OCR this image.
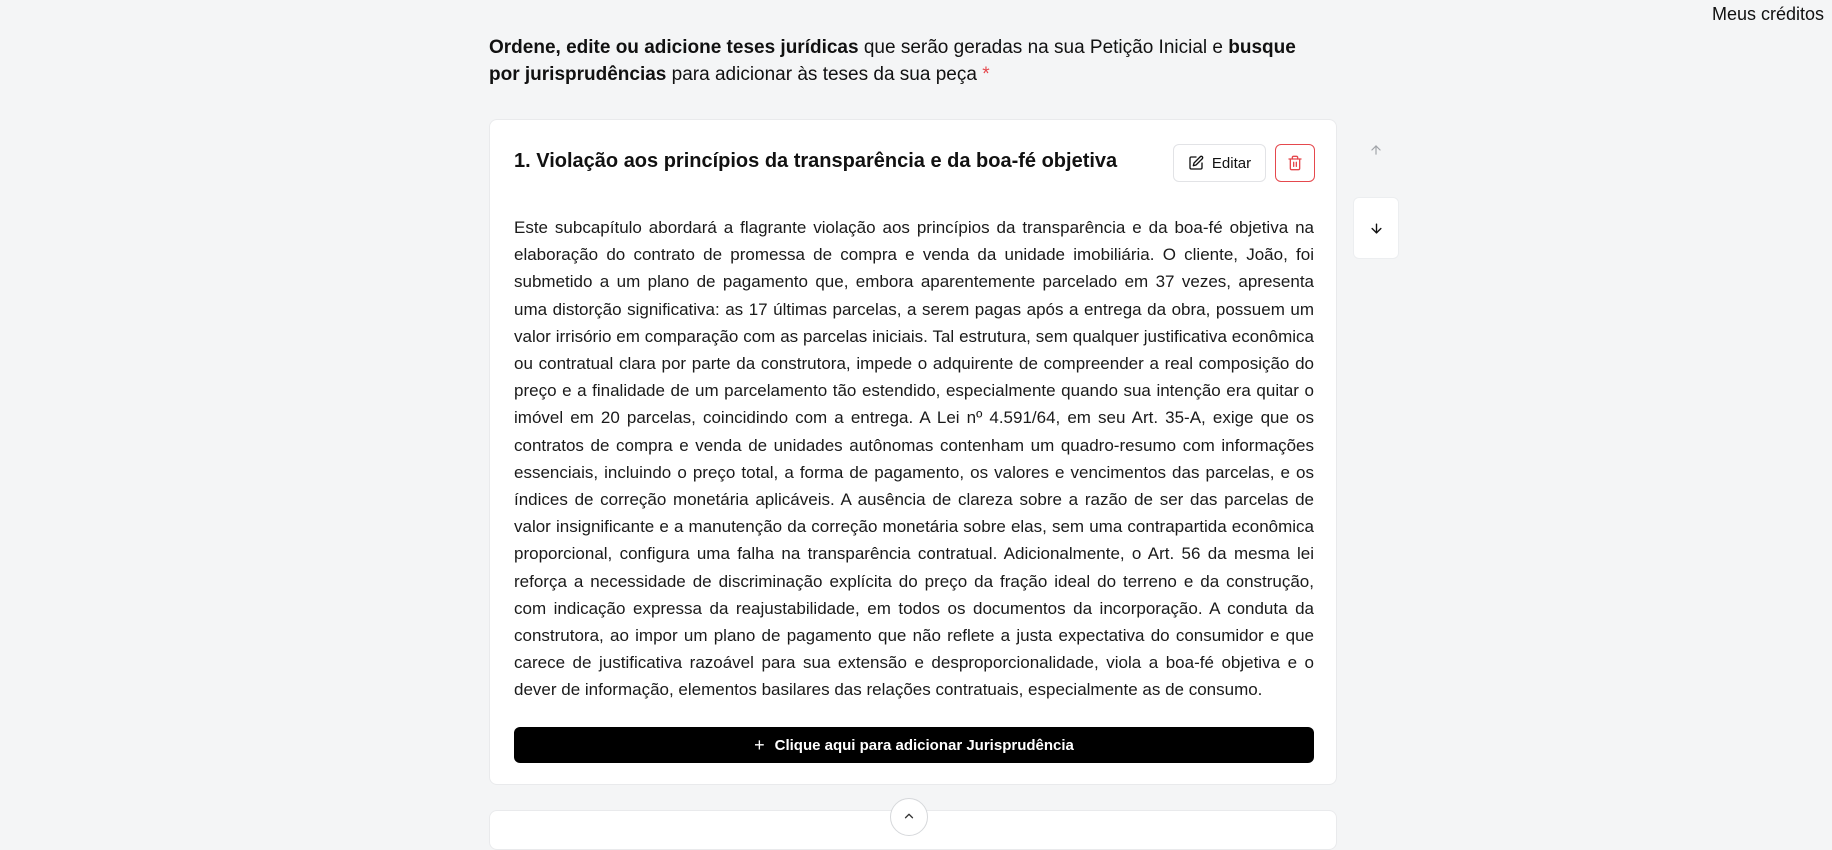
Meus créditos
Ordene, edite ou adicione teses jurídicas que serão geradas na sua Petição Inicial e busque por jurisprudências para adicionar às teses da sua peça *
1. Violação aos princípios da transparência e da boa-fé objetiva	Editar

Este subcapítulo abordará a flagrante violação aos princípios da transparência e da boa-fé objetiva na elaboração do contrato de promessa de compra e venda da unidade imobiliária. O cliente, João, foi submetido a um plano de pagamento que, embora aparentemente parcelado em 37 vezes, apresenta uma distorção significativa: as 17 últimas parcelas, a serem pagas após a entrega da obra, possuem um valor irrisório em comparação com as parcelas iniciais. Tal estrutura, sem qualquer justificativa econômica ou contratual clara por parte da construtora, impede o adquirente de compreender a real composição do preço e a finalidade de um parcelamento tão estendido, especialmente quando sua intenção era quitar o imóvel em 20 parcelas, coincidindo com a entrega. A Lei nº 4.591/64, em seu Art. 35-A, exige que os contratos de compra e venda de unidades autônomas contenham um quadro-resumo com informações essenciais, incluindo o preço total, a forma de pagamento, os valores e vencimentos das parcelas, e os índices de correção monetária aplicáveis. A ausência de clareza sobre a razão de ser das parcelas de valor insignificante e a manutenção da correção monetária sobre elas, sem uma contrapartida econômica proporcional, configura uma falha na transparência contratual. Adicionalmente, o Art. 56 da mesma lei reforça a necessidade de discriminação explícita do preço da fração ideal do terreno e da construção, com indicação expressa da reajustabilidade, em todos os documentos da incorporação. A conduta da construtora, ao impor um plano de pagamento que não reflete a justa expectativa do consumidor e que carece de justificativa razoável para sua extensão e desproporcionalidade, viola a boa-fé objetiva e o dever de informação, elementos basilares das relações contratuais, especialmente as de consumo.

+ Clique aqui para adicionar Jurisprudência
